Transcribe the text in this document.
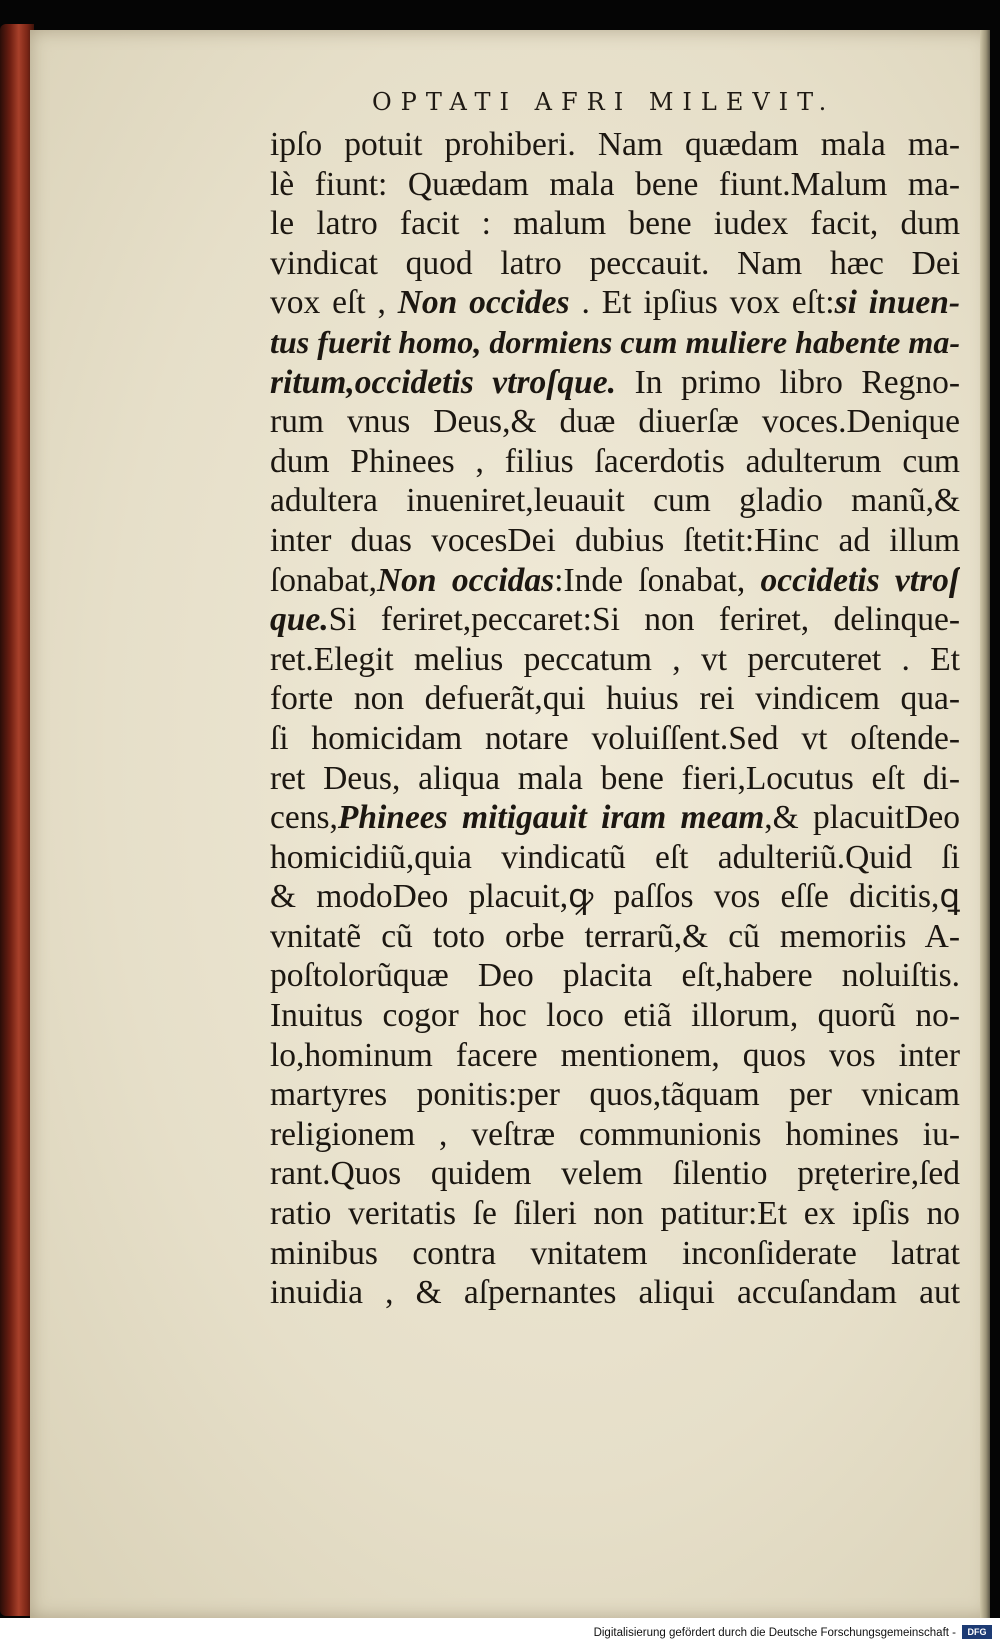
OPTATI AFRI MILEVIT.
ipſo potuit prohiberi. Nam quædam mala ma-
lè fiunt: Quædam mala bene fiunt.Malum ma-
le latro facit : malum bene iudex facit, dum
vindicat quod latro peccauit. Nam hæc Dei
vox eſt , Non occides . Et ipſius vox eſt:si inuen-
tus fuerit homo, dormiens cum muliere habente ma-
ritum,occidetis vtroſque. In primo libro Regno-
rum vnus Deus,& duæ diuerſæ voces.Denique
dum Phinees , filius ſacerdotis adulterum cum
adultera inueniret,leuauit cum gladio manũ,&
inter duas vocesDei dubius ſtetit:Hinc ad illum
ſonabat,Non occidas:Inde ſonabat, occidetis vtroſ
que.Si feriret,peccaret:Si non feriret, delinque-
ret.Elegit melius peccatum , vt percuteret . Et
forte non defuerãt,qui huius rei vindicem qua-
ſi homicidam notare voluiſſent.Sed vt oſtende-
ret Deus, aliqua mala bene fieri,Locutus eſt di-
cens,Phinees mitigauit iram meam,& placuitDeo
homicidiũ,quia vindicatũ eſt adulteriũ.Quid ſi
& modoDeo placuit,ꝙ paſſos vos eſſe dicitis,ꝗ
vnitatẽ cũ toto orbe terrarũ,& cũ memoriis A-
poſtolorũquæ Deo placita eſt,habere noluiſtis.
Inuitus cogor hoc loco etiã illorum, quorũ no-
lo,hominum facere mentionem, quos vos inter
martyres ponitis:per quos,tãquam per vnicam
religionem , veſtræ communionis homines iu-
rant.Quos quidem velem ſilentio pręterire,ſed
ratio veritatis ſe ſileri non patitur:Et ex ipſis no
minibus contra vnitatem inconſiderate latrat
inuidia , & aſpernantes aliqui accuſandam aut
Digitalisierung gefördert durch die Deutsche Forschungsgemeinschaft -	DFG
